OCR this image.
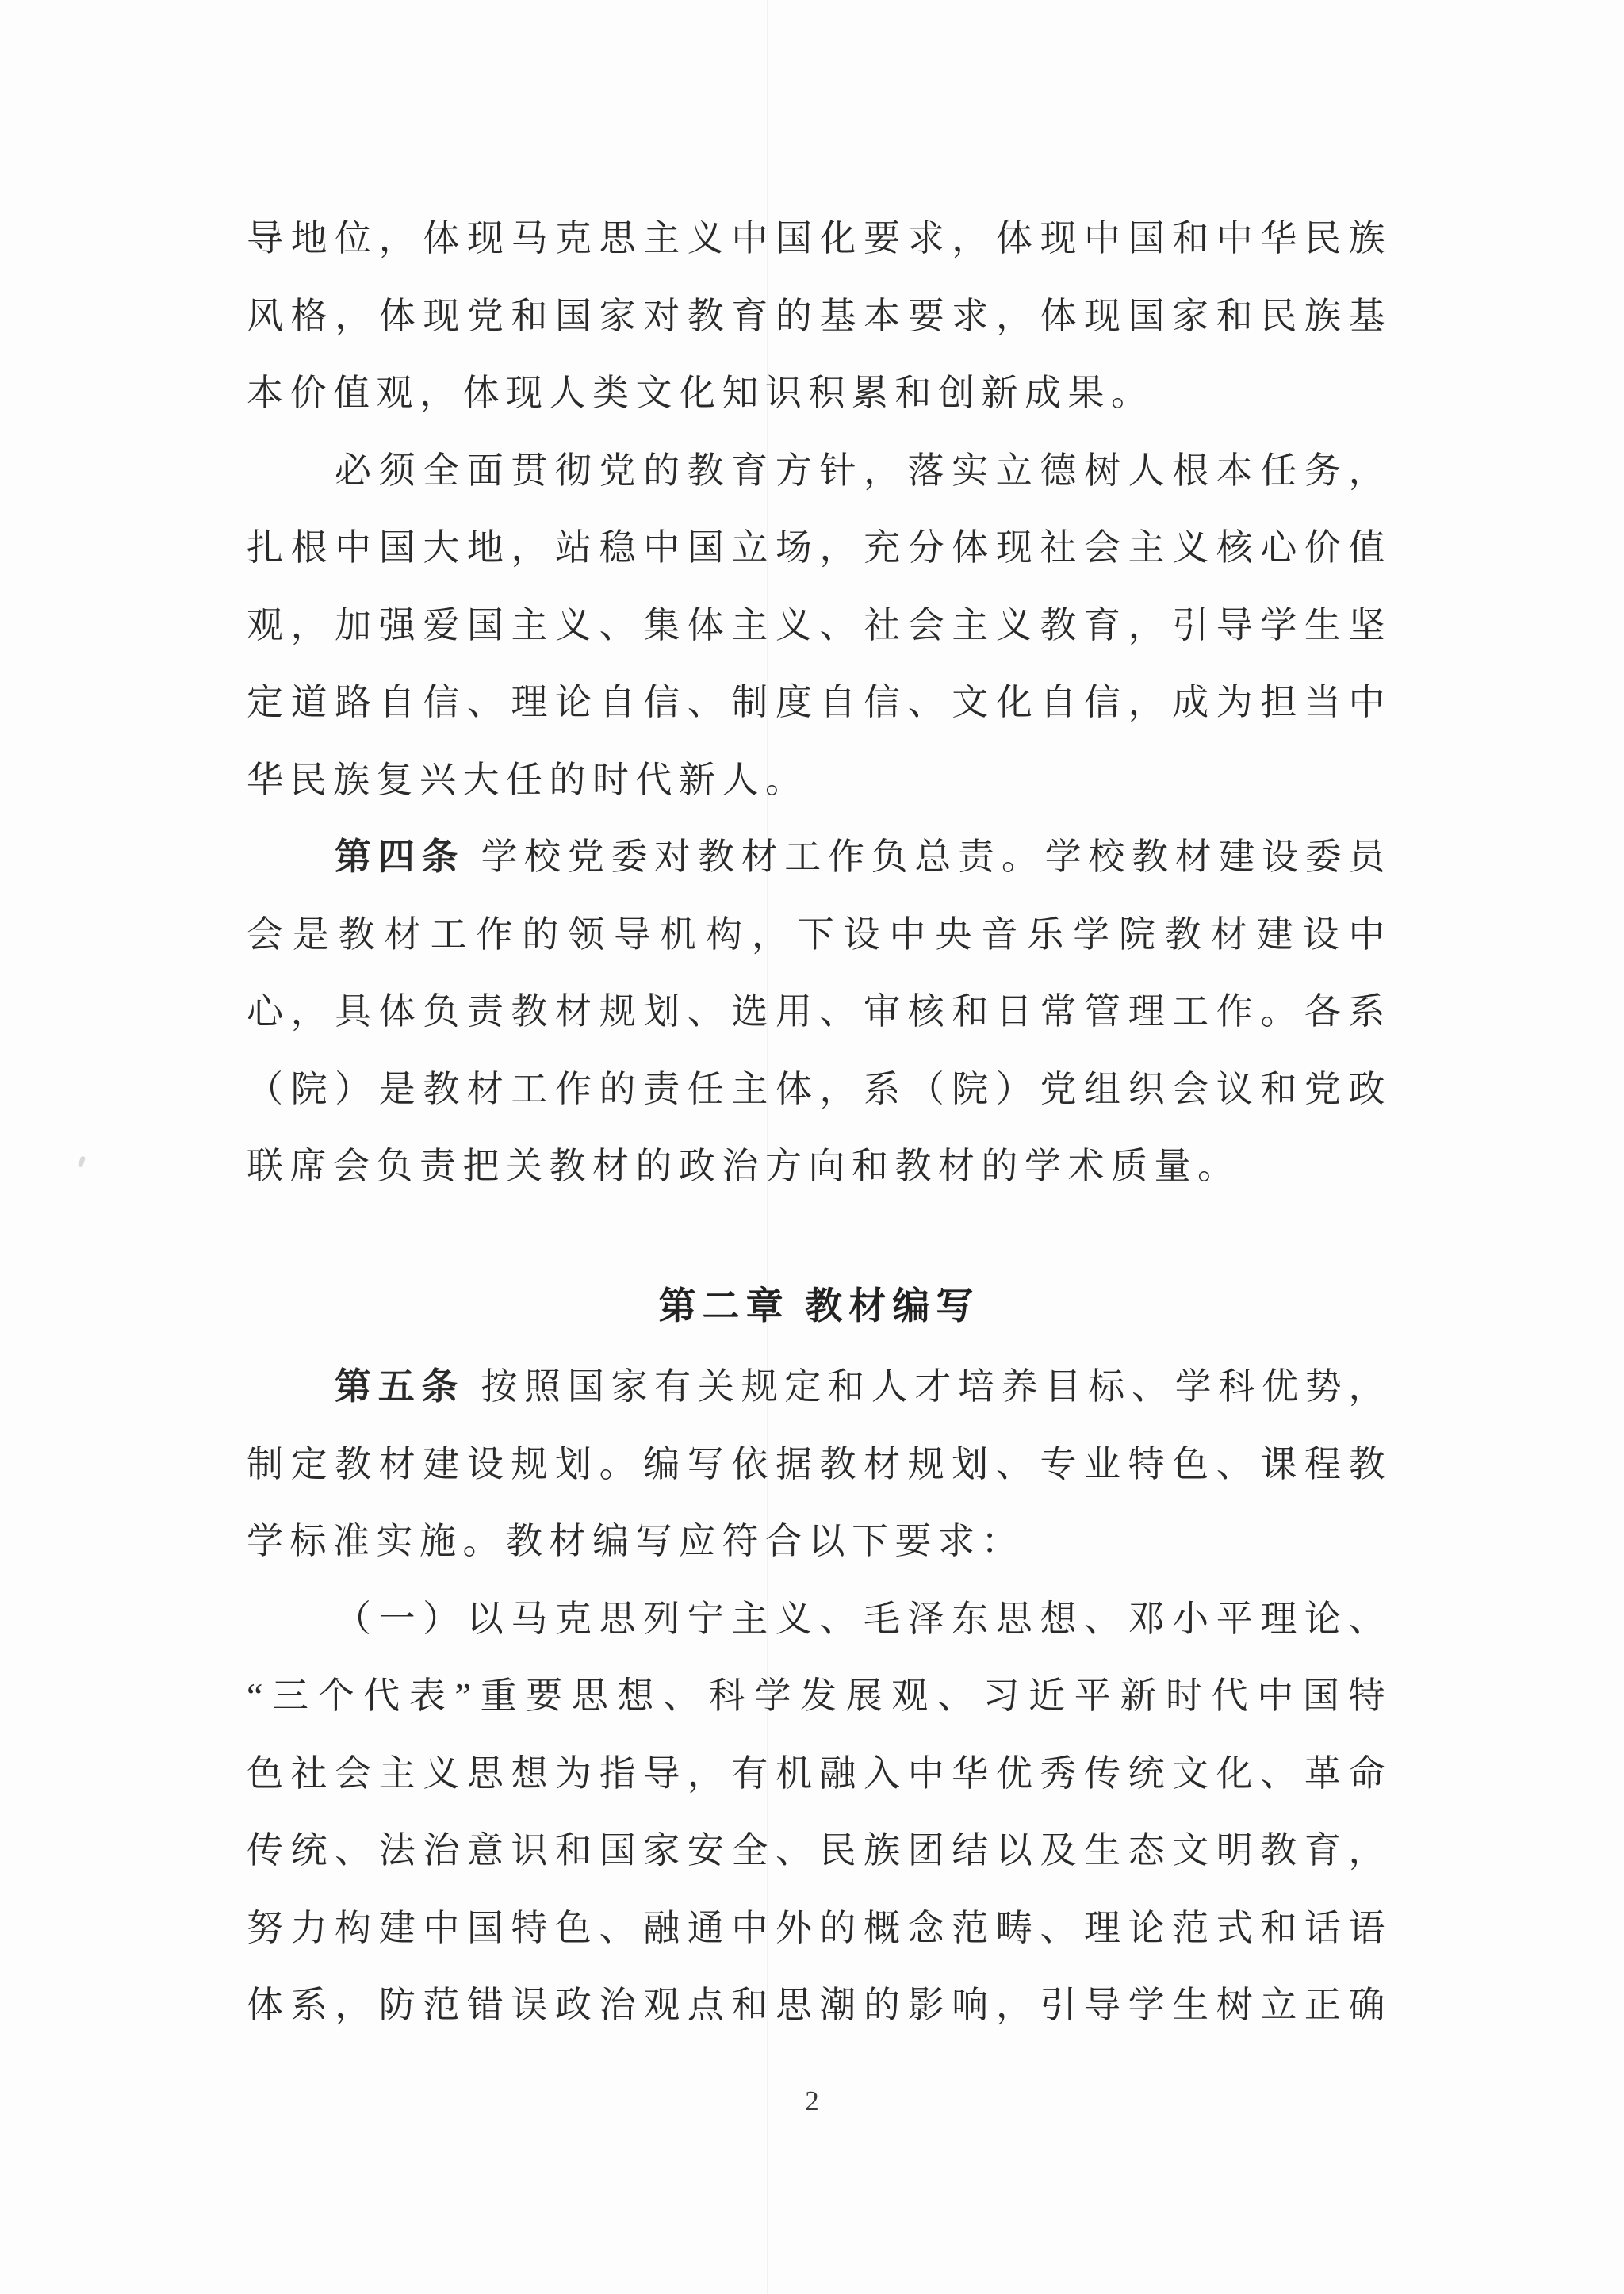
导地位，体现马克思主义中国化要求，体现中国和中华民族
风格，体现党和国家对教育的基本要求，体现国家和民族基
本价值观，体现人类文化知识积累和创新成果。
必须全面贯彻党的教育方针，落实立德树人根本任务，
扎根中国大地，站稳中国立场，充分体现社会主义核心价值
观，加强爱国主义、集体主义、社会主义教育，引导学生坚
定道路自信、理论自信、制度自信、文化自信，成为担当中
华民族复兴大任的时代新人。
第四条 学校党委对教材工作负总责。学校教材建设委员
会是教材工作的领导机构，下设中央音乐学院教材建设中
心，具体负责教材规划、选用、审核和日常管理工作。各系
（院）是教材工作的责任主体，系（院）党组织会议和党政
联席会负责把关教材的政治方向和教材的学术质量。
第二章 教材编写
第五条 按照国家有关规定和人才培养目标、学科优势，
制定教材建设规划。编写依据教材规划、专业特色、课程教
学标准实施。教材编写应符合以下要求：
（一）以马克思列宁主义、毛泽东思想、邓小平理论、
“三个代表”重要思想、科学发展观、习近平新时代中国特
色社会主义思想为指导，有机融入中华优秀传统文化、革命
传统、法治意识和国家安全、民族团结以及生态文明教育，
努力构建中国特色、融通中外的概念范畴、理论范式和话语
体系，防范错误政治观点和思潮的影响，引导学生树立正确
2
